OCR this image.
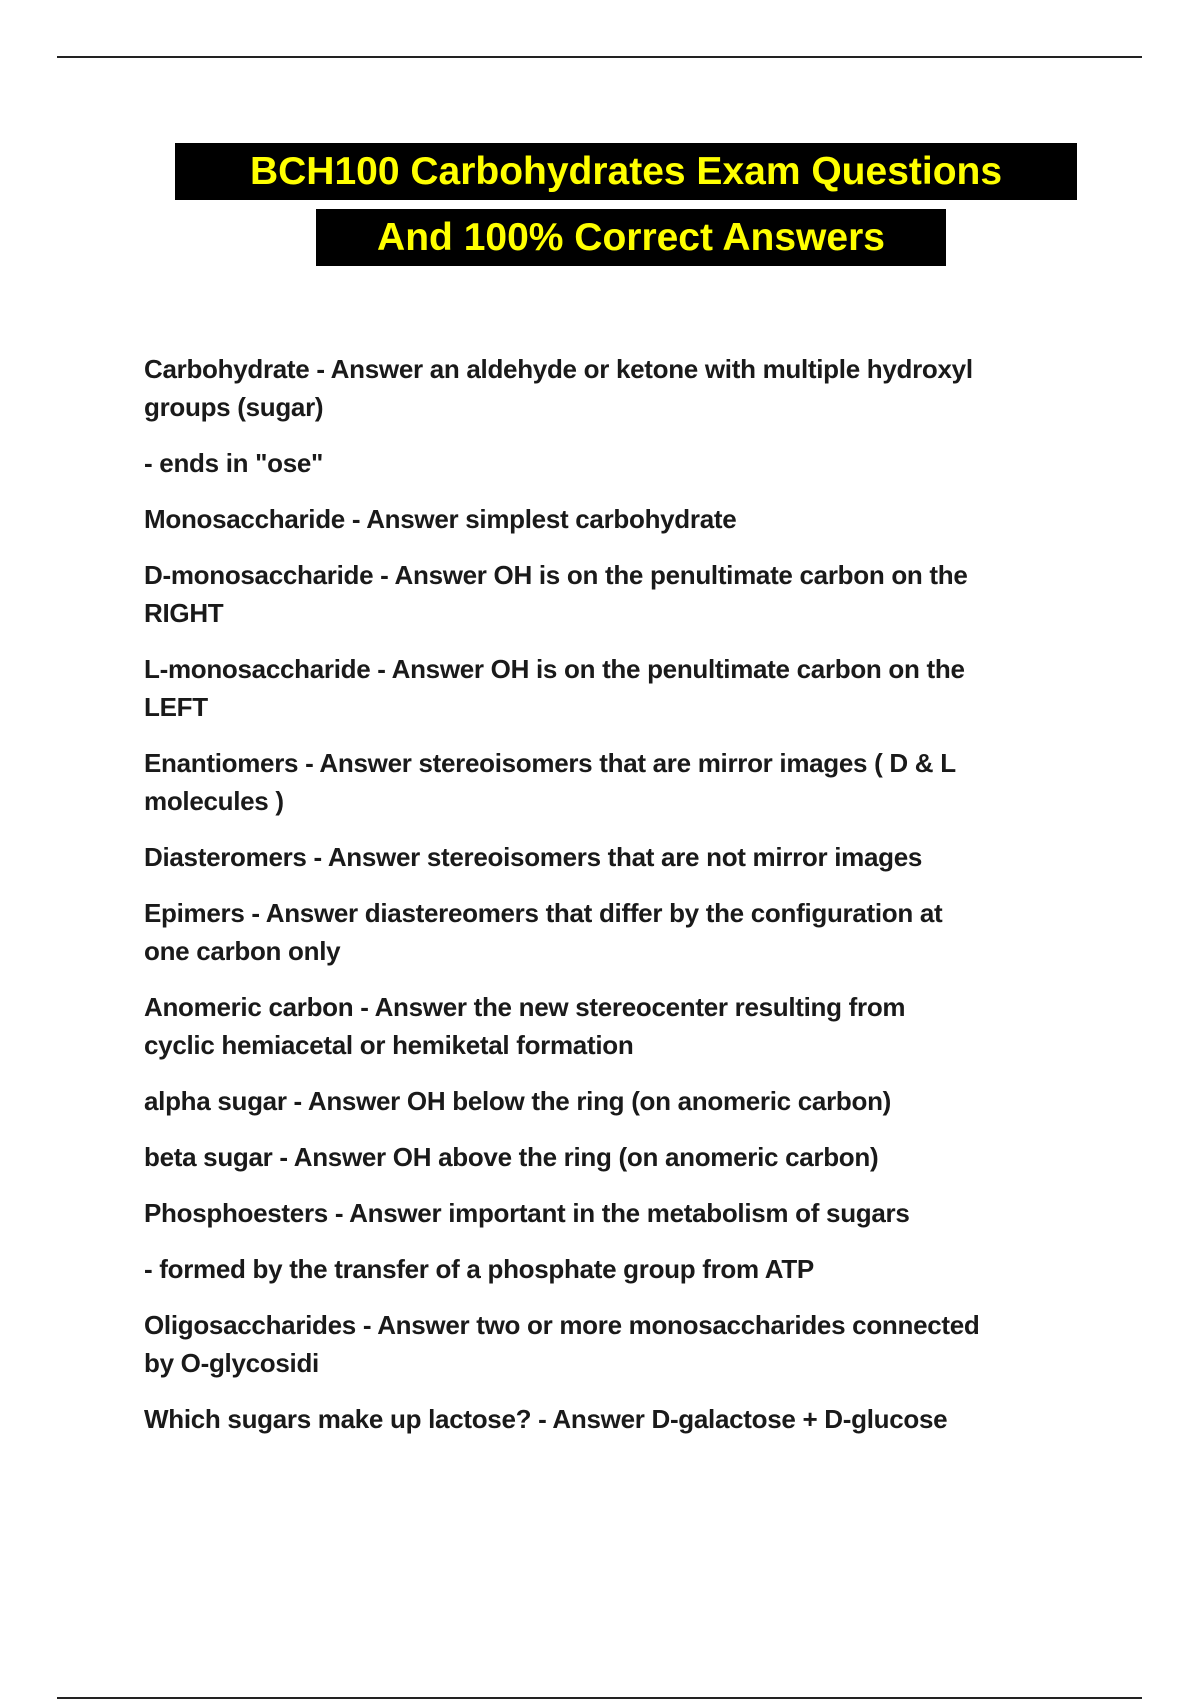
BCH100 Carbohydrates Exam Questions
And 100% Correct Answers
Carbohydrate - Answer an aldehyde or ketone with multiple hydroxyl
groups (sugar)
- ends in "ose"
Monosaccharide - Answer simplest carbohydrate
D-monosaccharide - Answer OH is on the penultimate carbon on the
RIGHT
L-monosaccharide - Answer OH is on the penultimate carbon on the
LEFT
Enantiomers - Answer stereoisomers that are mirror images ( D & L
molecules )
Diasteromers - Answer stereoisomers that are not mirror images
Epimers - Answer diastereomers that differ by the configuration at
one carbon only
Anomeric carbon - Answer the new stereocenter resulting from
cyclic hemiacetal or hemiketal formation
alpha sugar - Answer OH below the ring (on anomeric carbon)
beta sugar - Answer OH above the ring (on anomeric carbon)
Phosphoesters - Answer important in the metabolism of sugars
- formed by the transfer of a phosphate group from ATP
Oligosaccharides - Answer two or more monosaccharides connected
by O-glycosidi
Which sugars make up lactose? - Answer D-galactose + D-glucose
